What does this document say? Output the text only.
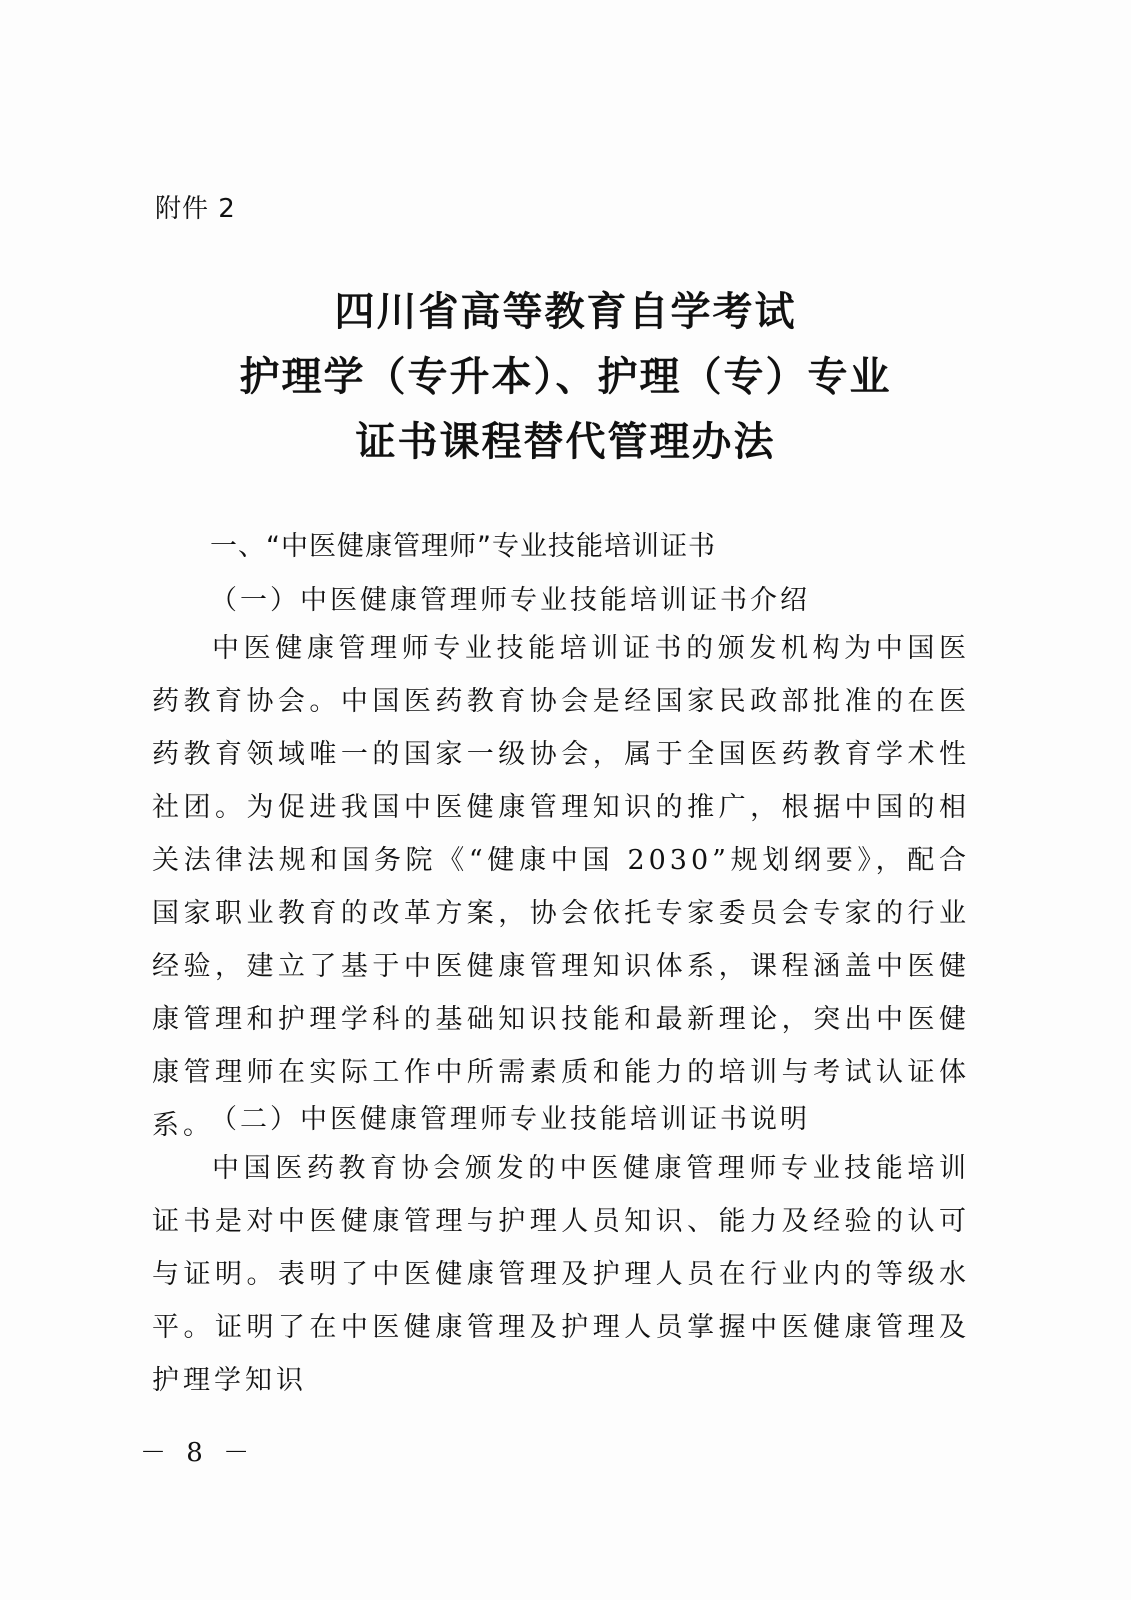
附件 2
四川省高等教育自学考试
护理学（专升本）、护理（专）专业
证书课程替代管理办法
一、“中医健康管理师”专业技能培训证书
（一）中医健康管理师专业技能培训证书介绍

中医健康管理师专业技能培训证书的颁发机构为中国医药教育协会。中国医药教育协会是经国家民政部批准的在医药教育领域唯一的国家一级协会，属于全国医药教育学术性社团。为促进我国中医健康管理知识的推广，根据中国的相关法律法规和国务院《“健康中国 2030”规划纲要》，配合国家职业教育的改革方案，协会依托专家委员会专家的行业经验，建立了基于中医健康管理知识体系，课程涵盖中医健康管理和护理学科的基础知识技能和最新理论，突出中医健康管理师在实际工作中所需素质和能力的培训与考试认证体系。

（二）中医健康管理师专业技能培训证书说明

中国医药教育协会颁发的中医健康管理师专业技能培训证书是对中医健康管理与护理人员知识、能力及经验的认可与证明。表明了中医健康管理及护理人员在行业内的等级水平。证明了在中医健康管理及护理人员掌握中医健康管理及护理学知识

－ 8 －
